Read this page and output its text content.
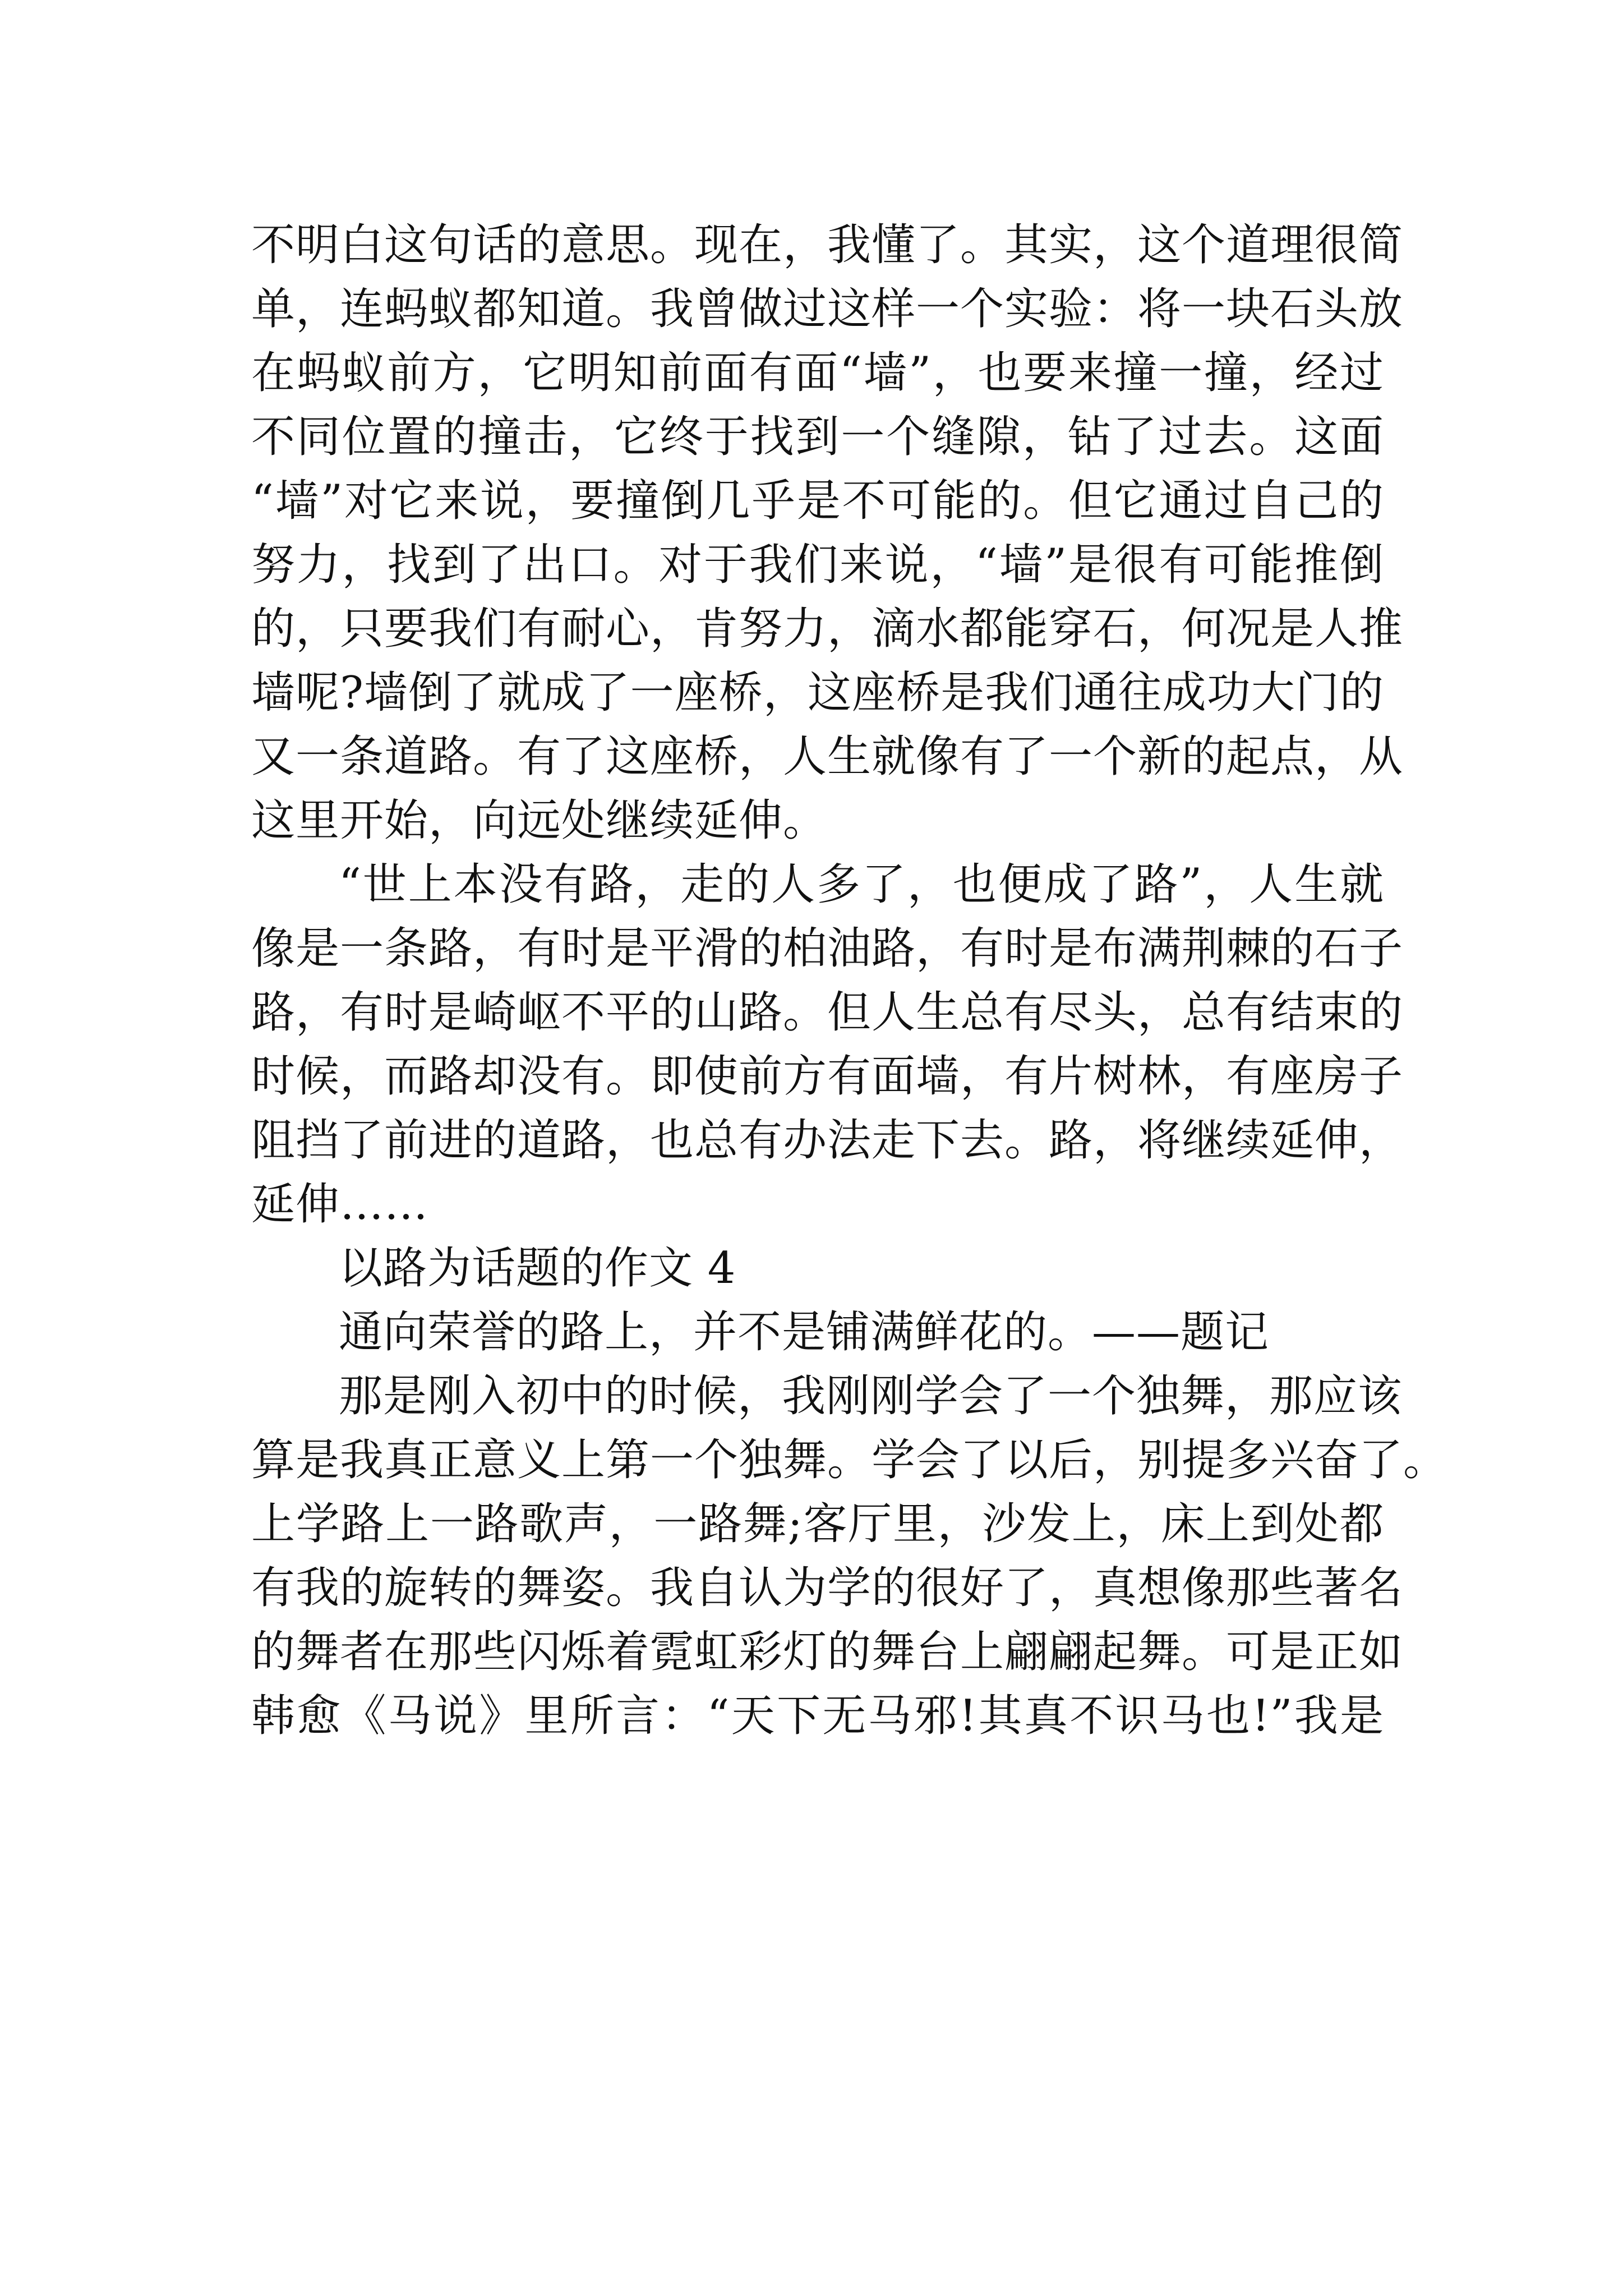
不明白这句话的意思。现在，我懂了。其实，这个道理很简
单，连蚂蚁都知道。我曾做过这样一个实验：将一块石头放
在蚂蚁前方，它明知前面有面“墙”，也要来撞一撞，经过
不同位置的撞击，它终于找到一个缝隙，钻了过去。这面
“墙”对它来说，要撞倒几乎是不可能的。但它通过自己的
努力，找到了出口。对于我们来说，“墙”是很有可能推倒
的，只要我们有耐心，肯努力，滴水都能穿石，何况是人推
墙呢?墙倒了就成了一座桥，这座桥是我们通往成功大门的
又一条道路。有了这座桥，人生就像有了一个新的起点，从
这里开始，向远处继续延伸。
“世上本没有路，走的人多了，也便成了路”，人生就
像是一条路，有时是平滑的柏油路，有时是布满荆棘的石子
路，有时是崎岖不平的山路。但人生总有尽头，总有结束的
时候，而路却没有。即使前方有面墙，有片树林，有座房子
阻挡了前进的道路，也总有办法走下去。路，将继续延伸，
延伸……
以路为话题的作文 4
通向荣誉的路上，并不是铺满鲜花的。——题记
那是刚入初中的时候，我刚刚学会了一个独舞，那应该
算是我真正意义上第一个独舞。学会了以后，别提多兴奋了。
上学路上一路歌声，一路舞;客厅里，沙发上，床上到处都
有我的旋转的舞姿。我自认为学的很好了，真想像那些著名
的舞者在那些闪烁着霓虹彩灯的舞台上翩翩起舞。可是正如
韩愈《马说》里所言：“天下无马邪!其真不识马也!”我是
